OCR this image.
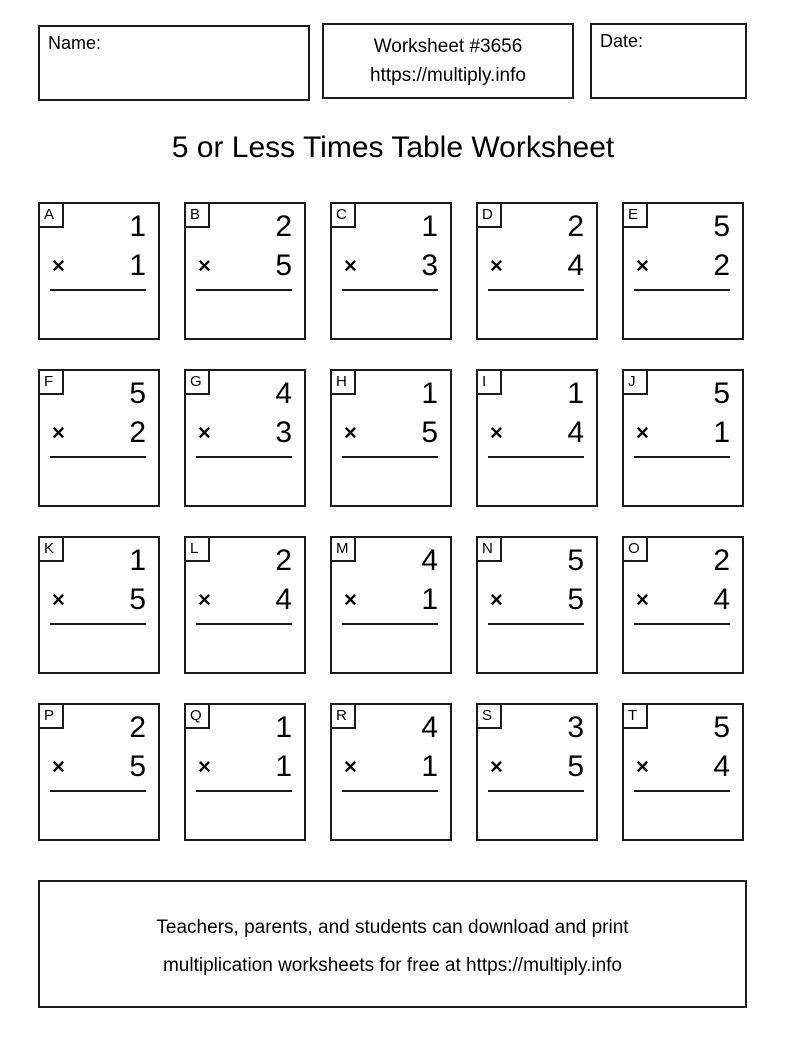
Name:	Worksheet #3656
https://multiply.info
Date:
5 or Less Times Table Worksheet
A	1
× 1
B	2
× 5
C	1
× 3
D	2
× 4
E	5
× 2
F	5
× 2
G 4
× 3
H	1
× 5
I	1
× 4
J	5
× 1
K	1
× 5
L	2
× 4
M 4
× 1
N	5
× 5
O 2
× 4
P	2
× 5
Q 1
× 1
R	4
× 1
S	3
× 5
T	5
× 4
Teachers, parents, and students can download and print
multiplication worksheets for free at https://multiply.info
